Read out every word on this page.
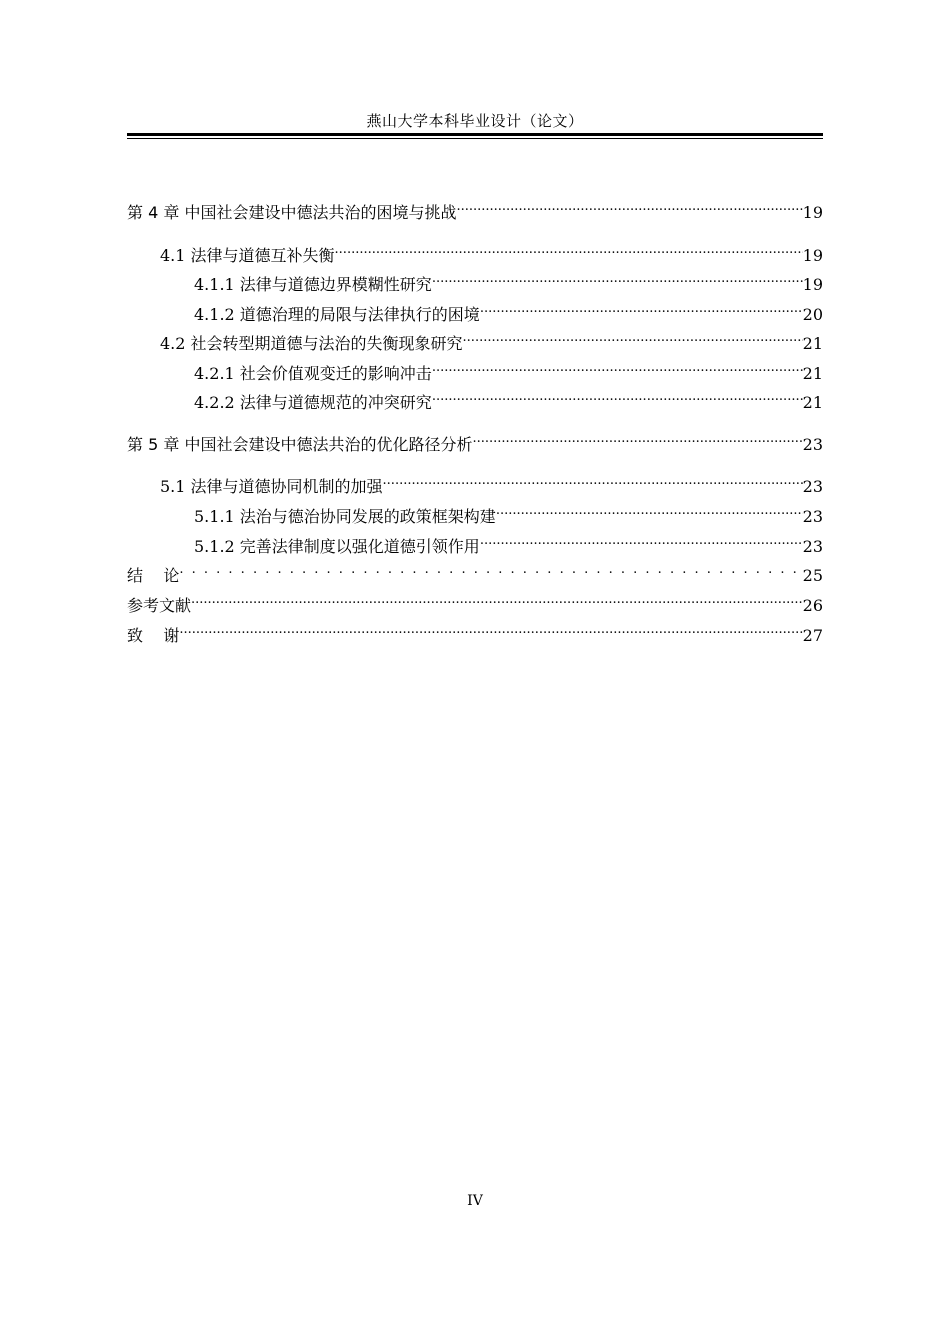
燕山大学本科毕业设计（论文）
第 4 章 中国社会建设中德法共治的困境与挑战 .....	19
4.1 法律与道德互补失衡 .....	19
4.1.1 法律与道德边界模糊性研究 .....	19
4.1.2 道德治理的局限与法律执行的困境 .....	20
4.2 社会转型期道德与法治的失衡现象研究 .....	21
4.2.1 社会价值观变迁的影响冲击 .....	21
4.2.2 法律与道德规范的冲突研究 .....	21
第 5 章 中国社会建设中德法共治的优化路径分析 .....	23
5.1 法律与道德协同机制的加强 .....	23
5.1.1 法治与德治协同发展的政策框架构建 .....	23
5.1.2 完善法律制度以强化道德引领作用 .....	23
结    论 . . .	25
参考文献 .....	26
致    谢 .....	27
IV
